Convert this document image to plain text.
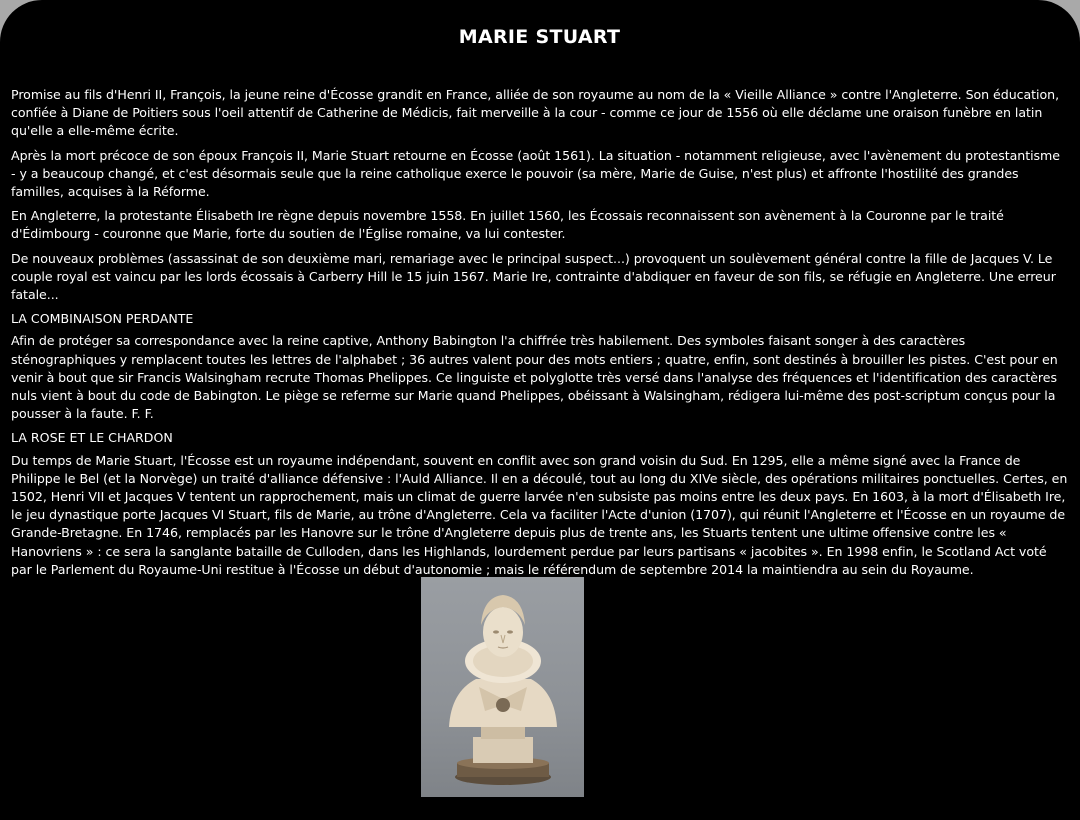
MARIE STUART

Promise au fils d'Henri II, François, la jeune reine d'Écosse grandit en France, alliée de son royaume au nom de la « Vieille Alliance » contre l'Angleterre. Son éducation, confiée à Diane de Poitiers sous l'oeil attentif de Catherine de Médicis, fait merveille à la cour - comme ce jour de 1556 où elle déclame une oraison funèbre en latin qu'elle a elle-même écrite.

Après la mort précoce de son époux François II, Marie Stuart retourne en Écosse (août 1561). La situation - notamment religieuse, avec l'avènement du protestantisme - y a beaucoup changé, et c'est désormais seule que la reine catholique exerce le pouvoir (sa mère, Marie de Guise, n'est plus) et affronte l'hostilité des grandes familles, acquises à la Réforme.

En Angleterre, la protestante Élisabeth Ire règne depuis novembre 1558. En juillet 1560, les Écossais reconnaissent son avènement à la Couronne par le traité d'Édimbourg - couronne que Marie, forte du soutien de l'Église romaine, va lui contester.

De nouveaux problèmes (assassinat de son deuxième mari, remariage avec le principal suspect...) provoquent un soulèvement général contre la fille de Jacques V. Le couple royal est vaincu par les lords écossais à Carberry Hill le 15 juin 1567. Marie Ire, contrainte d'abdiquer en faveur de son fils, se réfugie en Angleterre. Une erreur fatale...

LA COMBINAISON PERDANTE

Afin de protéger sa correspondance avec la reine captive, Anthony Babington l'a chiffrée très habilement. Des symboles faisant songer à des caractères sténographiques y remplacent toutes les lettres de l'alphabet ; 36 autres valent pour des mots entiers ; quatre, enfin, sont destinés à brouiller les pistes. C'est pour en venir à bout que sir Francis Walsingham recrute Thomas Phelippes. Ce linguiste et polyglotte très versé dans l'analyse des fréquences et l'identification des caractères nuls vient à bout du code de Babington. Le piège se referme sur Marie quand Phelippes, obéissant à Walsingham, rédigera lui-même des post-scriptum conçus pour la pousser à la faute. F. F.

LA ROSE ET LE CHARDON

Du temps de Marie Stuart, l'Écosse est un royaume indépendant, souvent en conflit avec son grand voisin du Sud. En 1295, elle a même signé avec la France de Philippe le Bel (et la Norvège) un traité d'alliance défensive : l'Auld Alliance. Il en a découlé, tout au long du XIVe siècle, des opérations militaires ponctuelles. Certes, en 1502, Henri VII et Jacques V tentent un rapprochement, mais un climat de guerre larvée n'en subsiste pas moins entre les deux pays. En 1603, à la mort d'Élisabeth Ire, le jeu dynastique porte Jacques VI Stuart, fils de Marie, au trône d'Angleterre. Cela va faciliter l'Acte d'union (1707), qui réunit l'Angleterre et l'Écosse en un royaume de Grande-Bretagne. En 1746, remplacés par les Hanovre sur le trône d'Angleterre depuis plus de trente ans, les Stuarts tentent une ultime offensive contre les « Hanovriens » : ce sera la sanglante bataille de Culloden, dans les Highlands, lourdement perdue par leurs partisans « jacobites ». En 1998 enfin, le Scotland Act voté par le Parlement du Royaume-Uni restitue à l'Écosse un début d'autonomie ; mais le référendum de septembre 2014 la maintiendra au sein du Royaume.
